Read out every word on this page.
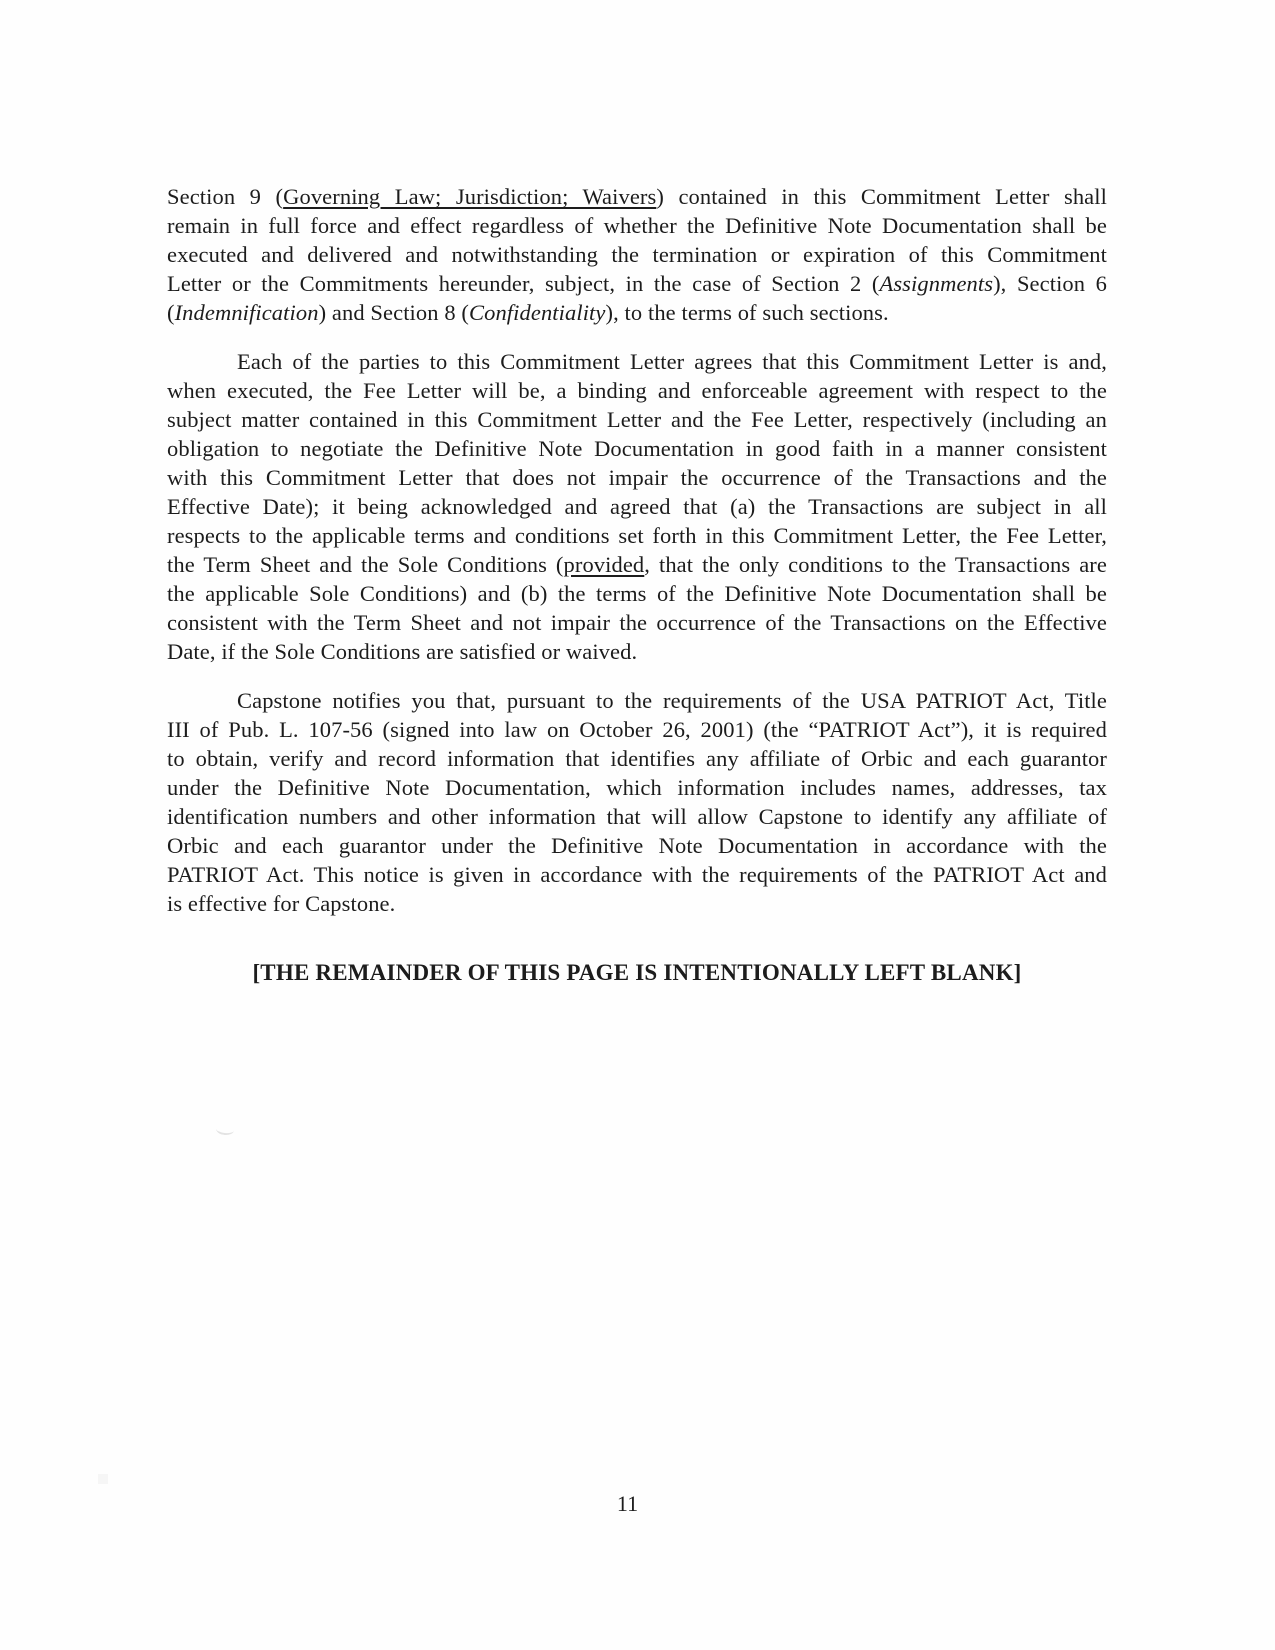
Section 9 (Governing Law; Jurisdiction; Waivers) contained in this Commitment Letter shall
remain in full force and effect regardless of whether the Definitive Note Documentation shall be
executed and delivered and notwithstanding the termination or expiration of this Commitment
Letter or the Commitments hereunder, subject, in the case of Section 2 (Assignments), Section 6
(Indemnification) and Section 8 (Confidentiality), to the terms of such sections.
Each of the parties to this Commitment Letter agrees that this Commitment Letter is and,
when executed, the Fee Letter will be, a binding and enforceable agreement with respect to the
subject matter contained in this Commitment Letter and the Fee Letter, respectively (including an
obligation to negotiate the Definitive Note Documentation in good faith in a manner consistent
with this Commitment Letter that does not impair the occurrence of the Transactions and the
Effective Date); it being acknowledged and agreed that (a) the Transactions are subject in all
respects to the applicable terms and conditions set forth in this Commitment Letter, the Fee Letter,
the Term Sheet and the Sole Conditions (provided, that the only conditions to the Transactions are
the applicable Sole Conditions) and (b) the terms of the Definitive Note Documentation shall be
consistent with the Term Sheet and not impair the occurrence of the Transactions on the Effective
Date, if the Sole Conditions are satisfied or waived.
Capstone notifies you that, pursuant to the requirements of the USA PATRIOT Act, Title
III of Pub. L. 107-56 (signed into law on October 26, 2001) (the “PATRIOT Act”), it is required
to obtain, verify and record information that identifies any affiliate of Orbic and each guarantor
under the Definitive Note Documentation, which information includes names, addresses, tax
identification numbers and other information that will allow Capstone to identify any affiliate of
Orbic and each guarantor under the Definitive Note Documentation in accordance with the
PATRIOT Act. This notice is given in accordance with the requirements of the PATRIOT Act and
is effective for Capstone.
[THE REMAINDER OF THIS PAGE IS INTENTIONALLY LEFT BLANK]
11
